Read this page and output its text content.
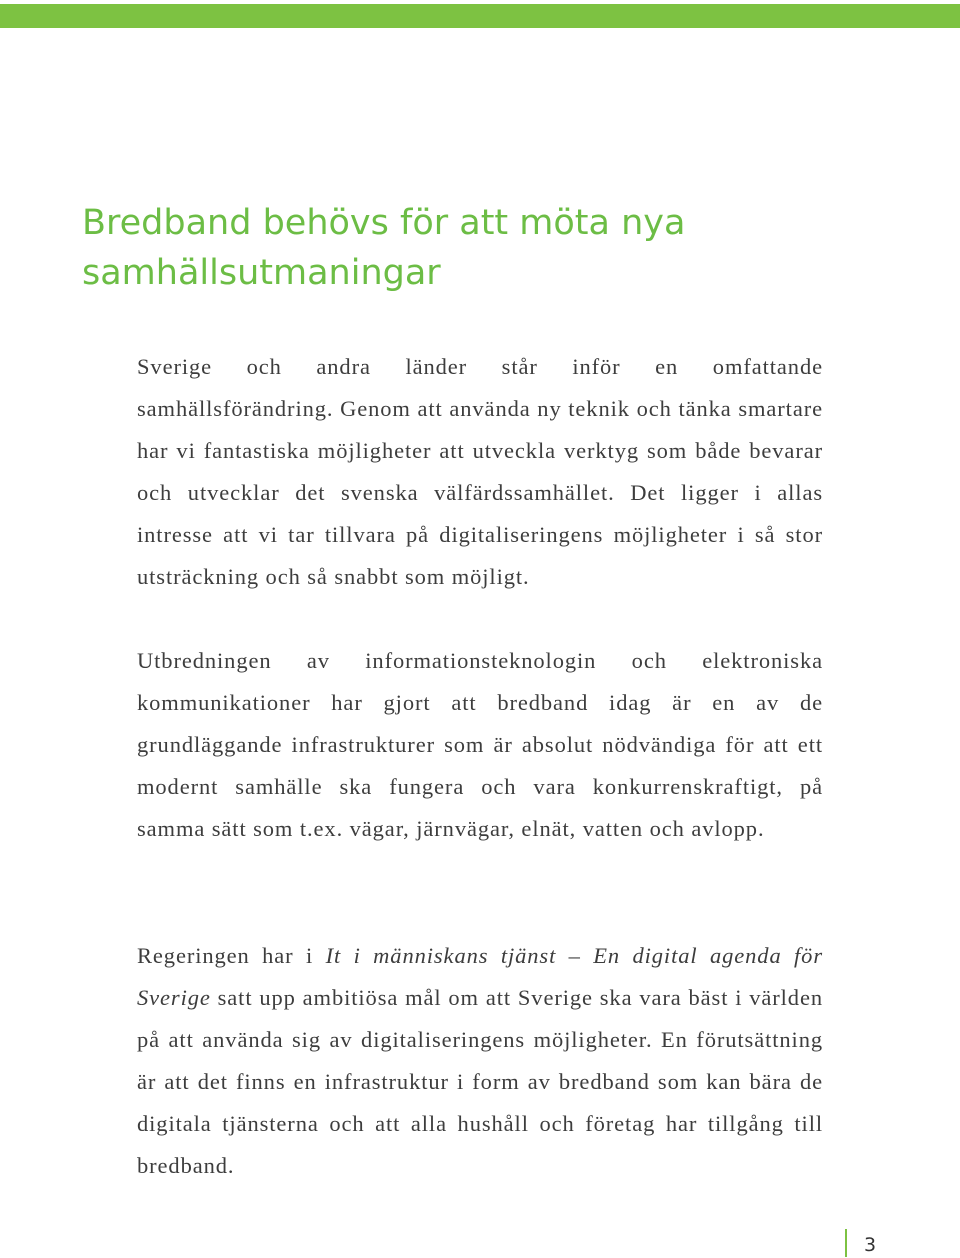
Bredband behövs för att möta nya samhällsutmaningar

Sverige och andra länder står inför en omfattande samhällsförändring. Genom att använda ny teknik och tänka smartare har vi fantastiska möjligheter att utveckla verktyg som både bevarar och utvecklar det svenska välfärdssamhället. Det ligger i allas intresse att vi tar tillvara på digitaliseringens möjligheter i så stor utsträckning och så snabbt som möjligt.

Utbredningen av informationsteknologin och elektroniska kommunikationer har gjort att bredband idag är en av de grundläggande infrastrukturer som är absolut nödvändiga för att ett modernt samhälle ska fungera och vara konkurrenskraftigt, på samma sätt som t.ex. vägar, järnvägar, elnät, vatten och avlopp.

Regeringen har i It i människans tjänst – En digital agenda för Sverige satt upp ambitiösa mål om att Sverige ska vara bäst i världen på att använda sig av digitaliseringens möjligheter. En förutsättning är att det finns en infrastruktur i form av bredband som kan bära de digitala tjänsterna och att alla hushåll och företag har tillgång till bredband.

3
